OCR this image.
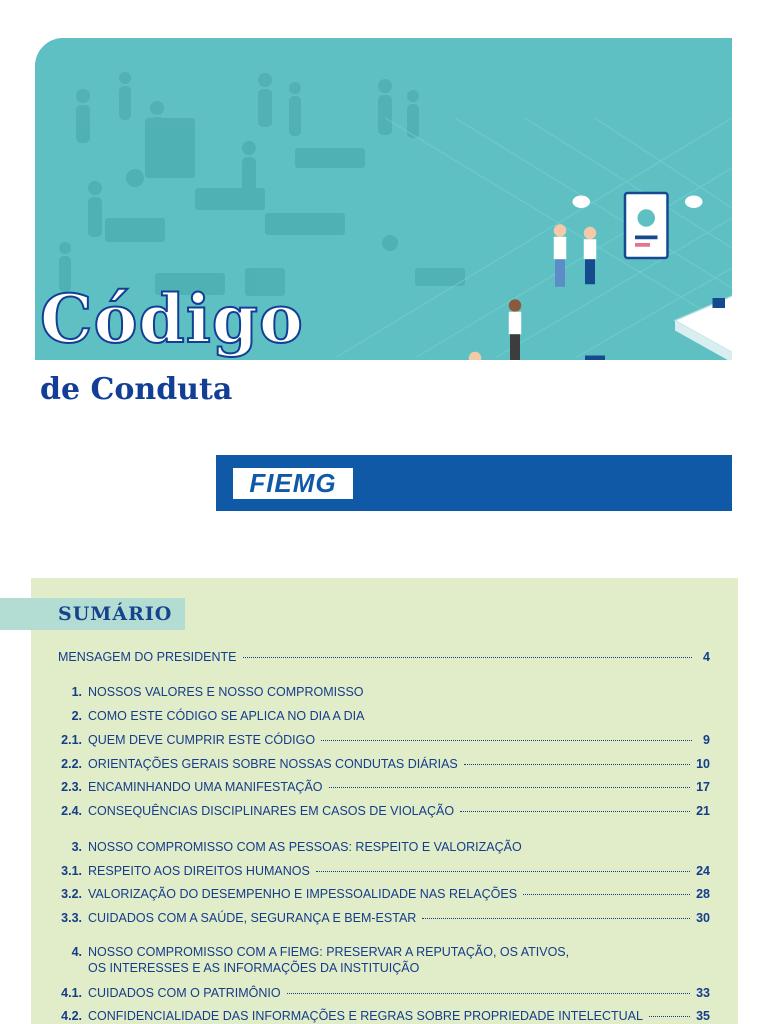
Código
de Conduta
FIEMG
SUMÁRIO
MENSAGEM DO PRESIDENTE	4
1. NOSSOS VALORES E NOSSO COMPROMISSO
2. COMO ESTE CÓDIGO SE APLICA NO DIA A DIA
2.1. QUEM DEVE CUMPRIR ESTE CÓDIGO	9
2.2. ORIENTAÇÕES GERAIS SOBRE NOSSAS CONDUTAS DIÁRIAS	10
2.3. ENCAMINHANDO UMA MANIFESTAÇÃO	17
2.4. CONSEQUÊNCIAS DISCIPLINARES EM CASOS DE VIOLAÇÃO	21
3. NOSSO COMPROMISSO COM AS PESSOAS: RESPEITO E VALORIZAÇÃO
3.1. RESPEITO AOS DIREITOS HUMANOS	24
3.2. VALORIZAÇÃO DO DESEMPENHO E IMPESSOALIDADE NAS RELAÇÕES	28
3.3. CUIDADOS COM A SAÚDE, SEGURANÇA E BEM-ESTAR	30
4. NOSSO COMPROMISSO COM A FIEMG: PRESERVAR A REPUTAÇÃO, OS ATIVOS,
OS INTERESSES E AS INFORMAÇÕES DA INSTITUIÇÃO
4.1. CUIDADOS COM O PATRIMÔNIO	33
4.2. CONFIDENCIALIDADE DAS INFORMAÇÕES E REGRAS SOBRE PROPRIEDADE INTELECTUAL	35
